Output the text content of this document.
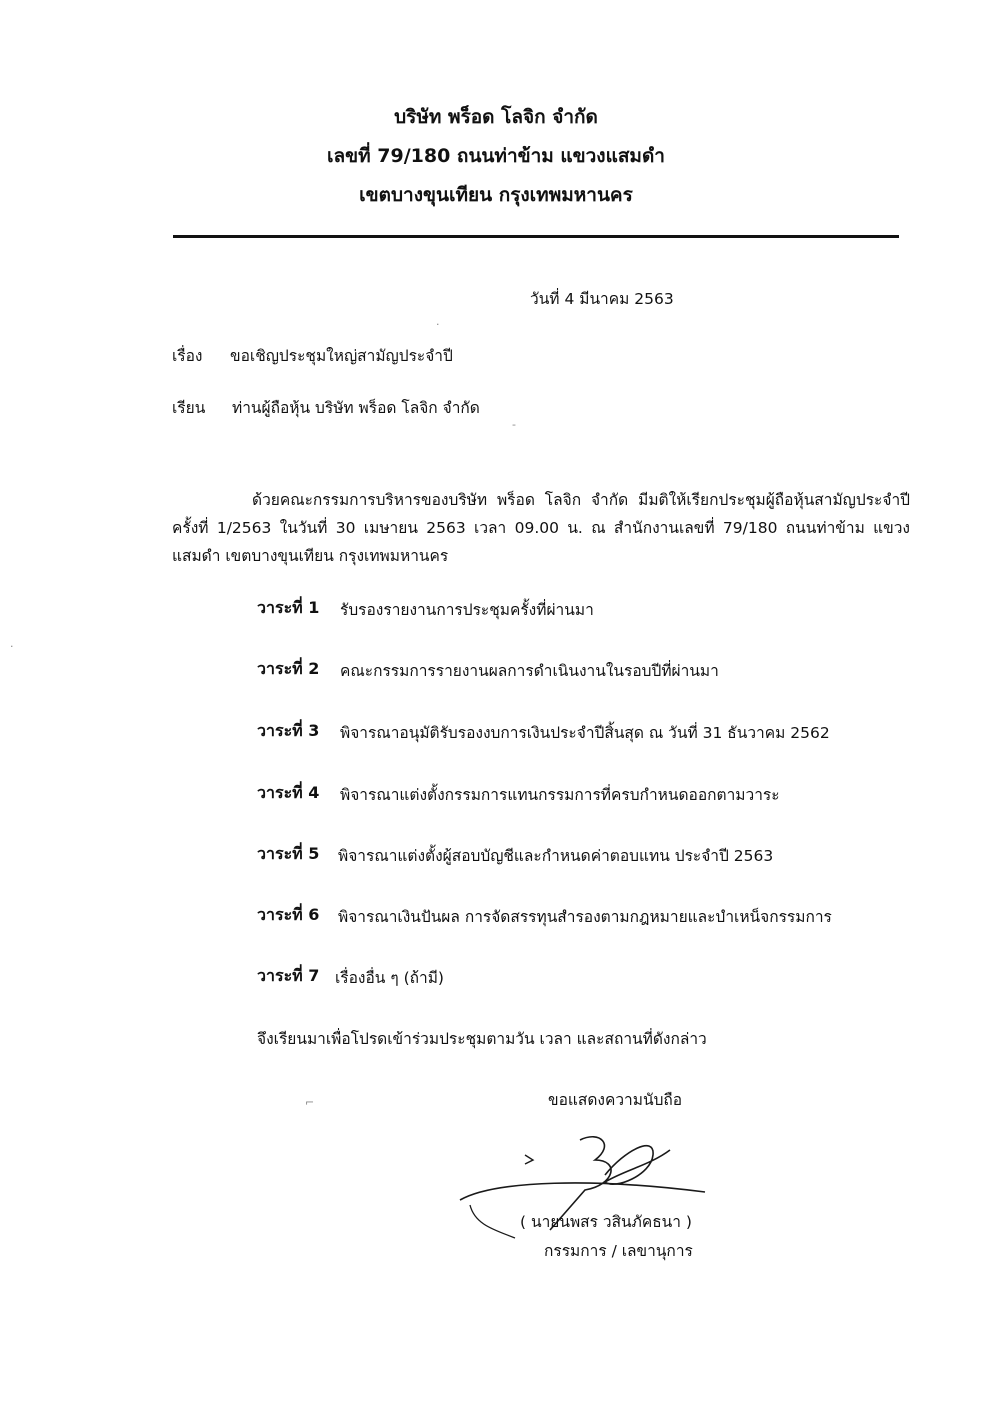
บริษัท พร็อด โลจิก จำกัด
เลขที่ 79/180 ถนนท่าข้าม แขวงแสมดำ
เขตบางขุนเทียน กรุงเทพมหานคร
วันที่ 4 มีนาคม 2563
เรื่อง ขอเชิญประชุมใหญ่สามัญประจำปี
เรียน ท่านผู้ถือหุ้น บริษัท พร็อด โลจิก จำกัด
ด้วยคณะกรรมการบริหารของบริษัท พร็อด โลจิก จำกัด มีมติให้เรียกประชุมผู้ถือหุ้นสามัญประจำปี ครั้งที่ 1/2563 ในวันที่ 30 เมษายน 2563 เวลา 09.00 น. ณ สำนักงานเลขที่ 79/180 ถนนท่าข้าม แขวงแสมดำ เขตบางขุนเทียน กรุงเทพมหานคร
วาระที่ 1 รับรองรายงานการประชุมครั้งที่ผ่านมา
วาระที่ 2 คณะกรรมการรายงานผลการดำเนินงานในรอบปีที่ผ่านมา
วาระที่ 3 พิจารณาอนุมัติรับรองงบการเงินประจำปีสิ้นสุด ณ วันที่ 31 ธันวาคม 2562
วาระที่ 4 พิจารณาแต่งตั้งกรรมการแทนกรรมการที่ครบกำหนดออกตามวาระ
วาระที่ 5 พิจารณาแต่งตั้งผู้สอบบัญชีและกำหนดค่าตอบแทน ประจำปี 2563
วาระที่ 6 พิจารณาเงินปันผล การจัดสรรทุนสำรองตามกฎหมายและบำเหน็จกรรมการ
วาระที่ 7 เรื่องอื่น ๆ (ถ้ามี)
จึงเรียนมาเพื่อโปรดเข้าร่วมประชุมตามวัน เวลา และสถานที่ดังกล่าว
ขอแสดงความนับถือ
( นายนพสร วสินภัคธนา )
กรรมการ / เลขานุการ
·
‐
⌐
·
